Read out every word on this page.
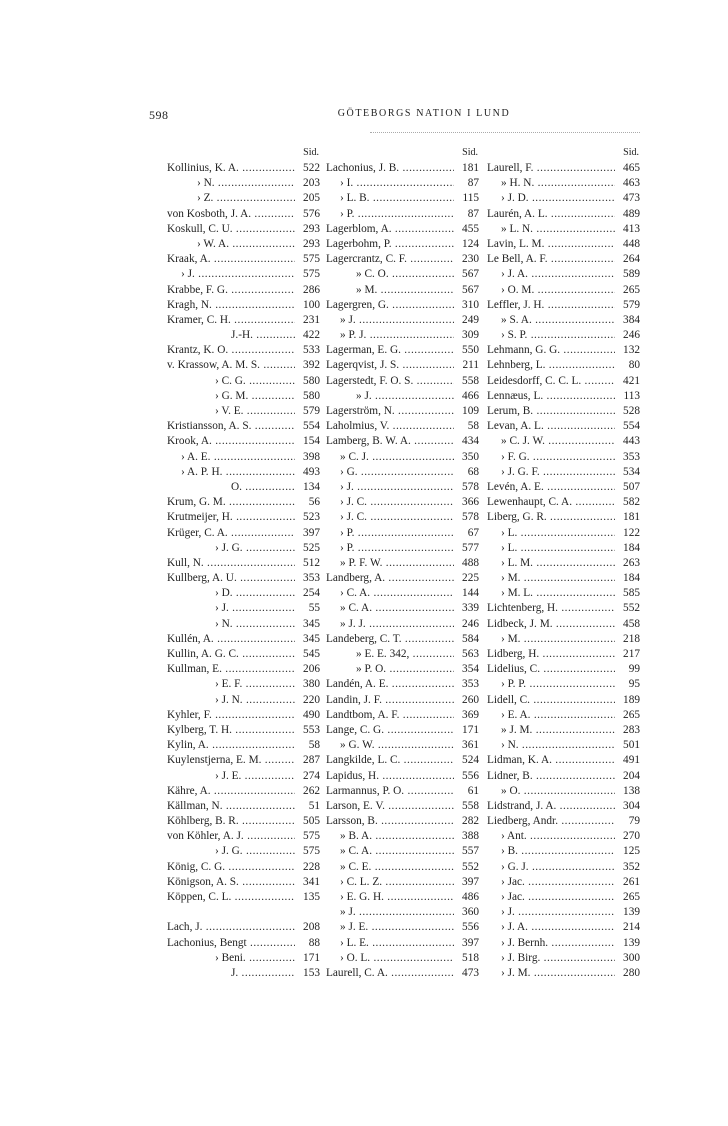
598	GÖTEBORGS NATION I LUND
Sid.
Kollinius, K. A. .....	522
› N. .....	203
› Z. .....	205
von Kosboth, J. A. .....	576
Koskull, C. U. .....	293
› W. A. .....	293
Kraak, A. .....	575
› J. .....	575
Krabbe, F. G. .....	286
Kragh, N. .....	100
Kramer, C. H. .....	231
J.-H. .....	422
Krantz, K. O. .....	533
v. Krassow, A. M. S. .....	392
› C. G. .....	580
› G. M. .....	580
› V. E. .....	579
Kristiansson, A. S. .....	554
Krook, A. .....	154
› A. E. .....	398
› A. P. H. .....	493
O. .....	134
Krum, G. M. .....	56
Krutmeijer, H. .....	523
Krüger, C. A. .....	397
› J. G. .....	525
Kull, N. .....	512
Kullberg, A. U. .....	353
› D. .....	254
› J. .....	55
› N. .....	345
Kullén, A. .....	345
Kullin, A. G. C. .....	545
Kullman, E. .....	206
› E. F. .....	380
› J. N. .....	220
Kyhler, F. .....	490
Kylberg, T. H. .....	553
Kylin, A. .....	58
Kuylenstjerna, E. M. .....	287
› J. E. .....	274
Kähre, A. .....	262
Källman, N. .....	51
Köhlberg, B. R. .....	505
von Köhler, A. J. .....	575
› J. G. .....	575
König, C. G. .....	228
Königson, A. S. .....	341
Köppen, C. L. .....	135
Lach, J. .....	208
Lachonius, Bengt .....	88
› Beni. .....	171
J. .....	153
Sid.
Lachonius, J. B. .....	181
› I. .....	87
› L. B. .....	115
› P. .....	87
Lagerblom, A. .....	455
Lagerbohm, P. .....	124
Lagercrantz, C. F. .....	230
» C. O. .....	567
» M. .....	567
Lagergren, G. .....	310
» J. .....	249
» P. J. .....	309
Lagerman, E. G. .....	550
Lagerqvist, J. S. .....	211
Lagerstedt, F. O. S. .....	558
» J. .....	466
Lagerström, N. .....	109
Laholmius, V. .....	58
Lamberg, B. W. A. .....	434
» C. J. .....	350
› G. .....	68
› J. .....	578
› J. C. .....	366
› J. C. .....	578
› P. .....	67
› P. .....	577
» P. F. W. .....	488
Landberg, A. .....	225
› C. A. .....	144
» C. A. .....	339
» J. J. .....	246
Landeberg, C. T. .....	584
» E. E. 342, .....	563
» P. O. .....	354
Landén, A. E. .....	353
Landin, J. F. .....	260
Landtbom, A. F. .....	369
Lange, C. G. .....	171
» G. W. .....	361
Langkilde, L. C. .....	524
Lapidus, H. .....	556
Larmannus, P. O. .....	61
Larson, E. V. .....	558
Larsson, B. .....	282
» B. A. .....	388
» C. A. .....	557
» C. E. .....	552
› C. L. Z. .....	397
› E. G. H. .....	486
» J. .....	360
» J. E. .....	556
› L. E. .....	397
› O. L. .....	518
Laurell, C. A. .....	473
Sid.
Laurell, F. .....	465
» H. N. .....	463
› J. D. .....	473
Laurén, A. L. .....	489
» L. N. .....	413
Lavin, L. M. .....	448
Le Bell, A. F. .....	264
› J. A. .....	589
› O. M. .....	265
Leffler, J. H. .....	579
» S. A. .....	384
› S. P. .....	246
Lehmann, G. G. .....	132
Lehnberg, L. .....	80
Leidesdorff, C. C. L. .....	421
Lennæus, L. .....	113
Lerum, B. .....	528
Levan, A. L. .....	554
» C. J. W. .....	443
› F. G. .....	353
› J. G. F. .....	534
Levén, A. E. .....	507
Lewenhaupt, C. A. .....	582
Liberg, G. R. .....	181
› L. .....	122
› L. .....	184
› L. M. .....	263
› M. .....	184
› M. L. .....	585
Lichtenberg, H. .....	552
Lidbeck, J. M. .....	458
› M. .....	218
Lidberg, H. .....	217
Lidelius, C. .....	99
› P. P. .....	95
Lidell, C. .....	189
› E. A. .....	265
» J. M. .....	283
› N. .....	501
Lidman, K. A. .....	491
Lidner, B. .....	204
» O. .....	138
Lidstrand, J. A. .....	304
Liedberg, Andr. .....	79
› Ant. .....	270
› B. .....	125
› G. J. .....	352
› Jac. .....	261
› Jac. .....	265
› J. .....	139
› J. A. .....	214
› J. Bernh. .....	139
› J. Birg. .....	300
› J. M. .....	280
